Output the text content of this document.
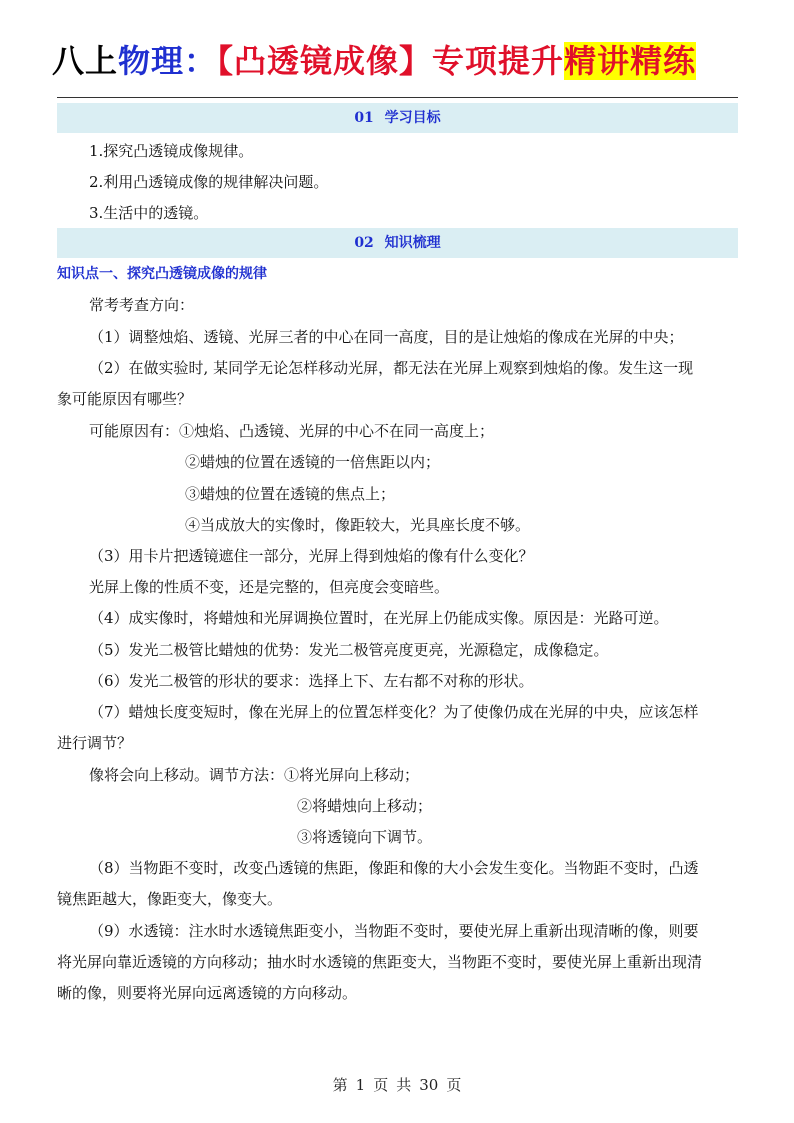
八上物理：【凸透镜成像】专项提升精讲精练
01 学习目标
1.探究凸透镜成像规律。
2.利用凸透镜成像的规律解决问题。
3.生活中的透镜。
02 知识梳理
知识点一、探究凸透镜成像的规律
常考考查方向：
（1）调整烛焰、透镜、光屏三者的中心在同一高度，目的是让烛焰的像成在光屏的中央；
（2）在做实验时, 某同学无论怎样移动光屏，都无法在光屏上观察到烛焰的像。发生这一现
象可能原因有哪些？
可能原因有：①烛焰、凸透镜、光屏的中心不在同一高度上；
②蜡烛的位置在透镜的一倍焦距以内；
③蜡烛的位置在透镜的焦点上；
④当成放大的实像时，像距较大，光具座长度不够。
（3）用卡片把透镜遮住一部分，光屏上得到烛焰的像有什么变化？
光屏上像的性质不变，还是完整的，但亮度会变暗些。
（4）成实像时，将蜡烛和光屏调换位置时，在光屏上仍能成实像。原因是：光路可逆。
（5）发光二极管比蜡烛的优势：发光二极管亮度更亮，光源稳定，成像稳定。
（6）发光二极管的形状的要求：选择上下、左右都不对称的形状。
（7）蜡烛长度变短时，像在光屏上的位置怎样变化？为了使像仍成在光屏的中央，应该怎样
进行调节？
像将会向上移动。调节方法：①将光屏向上移动；
②将蜡烛向上移动；
③将透镜向下调节。
（8）当物距不变时，改变凸透镜的焦距，像距和像的大小会发生变化。当物距不变时，凸透
镜焦距越大，像距变大，像变大。
（9）水透镜：注水时水透镜焦距变小，当物距不变时，要使光屏上重新出现清晰的像，则要
将光屏向靠近透镜的方向移动；抽水时水透镜的焦距变大，当物距不变时，要使光屏上重新出现清
晰的像，则要将光屏向远离透镜的方向移动。
第 1 页 共 30 页
